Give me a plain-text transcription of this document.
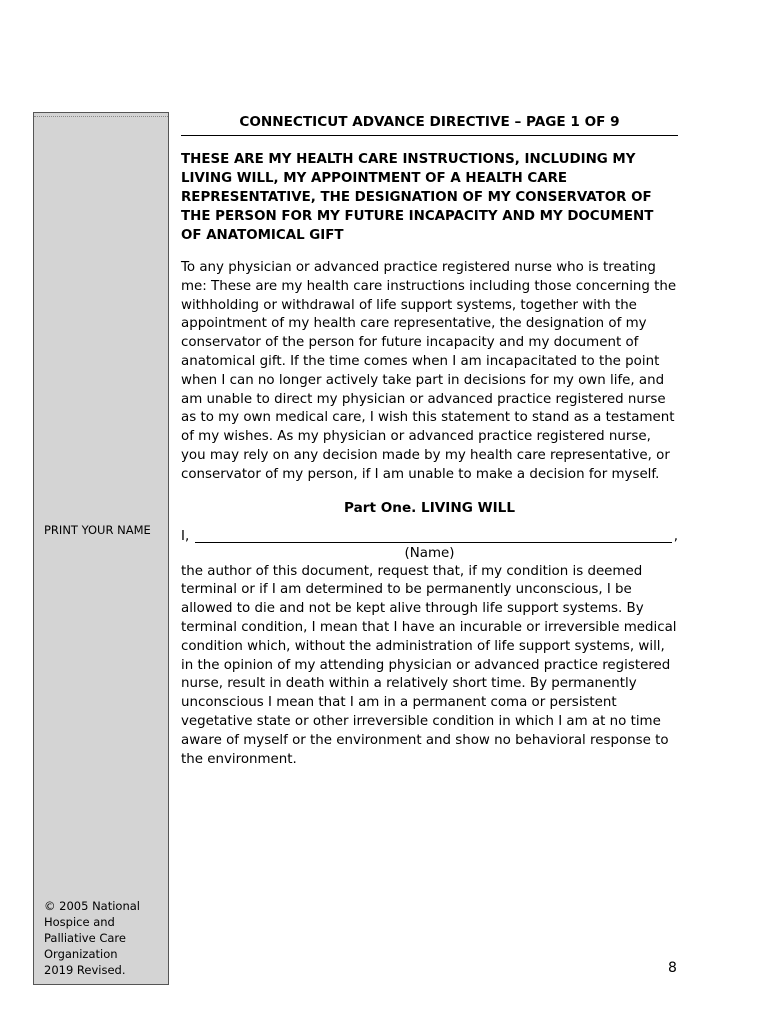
PRINT YOUR NAME
© 2005 National
Hospice and
Palliative Care
Organization
2019 Revised.
CONNECTICUT ADVANCE DIRECTIVE – PAGE 1 OF 9
THESE ARE MY HEALTH CARE INSTRUCTIONS, INCLUDING MY LIVING WILL, MY APPOINTMENT OF A HEALTH CARE REPRESENTATIVE, THE DESIGNATION OF MY CONSERVATOR OF THE PERSON FOR MY FUTURE INCAPACITY AND MY DOCUMENT OF ANATOMICAL GIFT
To any physician or advanced practice registered nurse who is treating me: These are my health care instructions including those concerning the withholding or withdrawal of life support systems, together with the appointment of my health care representative, the designation of my conservator of the person for future incapacity and my document of anatomical gift. If the time comes when I am incapacitated to the point when I can no longer actively take part in decisions for my own life, and am unable to direct my physician or advanced practice registered nurse as to my own medical care, I wish this statement to stand as a testament of my wishes. As my physician or advanced practice registered nurse, you may rely on any decision made by my health care representative, or conservator of my person, if I am unable to make a decision for myself.
Part One. LIVING WILL
I,	,
(Name)
the author of this document, request that, if my condition is deemed terminal or if I am determined to be permanently unconscious, I be allowed to die and not be kept alive through life support systems. By terminal condition, I mean that I have an incurable or irreversible medical condition which, without the administration of life support systems, will, in the opinion of my attending physician or advanced practice registered nurse, result in death within a relatively short time. By permanently unconscious I mean that I am in a permanent coma or persistent vegetative state or other irreversible condition in which I am at no time aware of myself or the environment and show no behavioral response to the environment.
8
